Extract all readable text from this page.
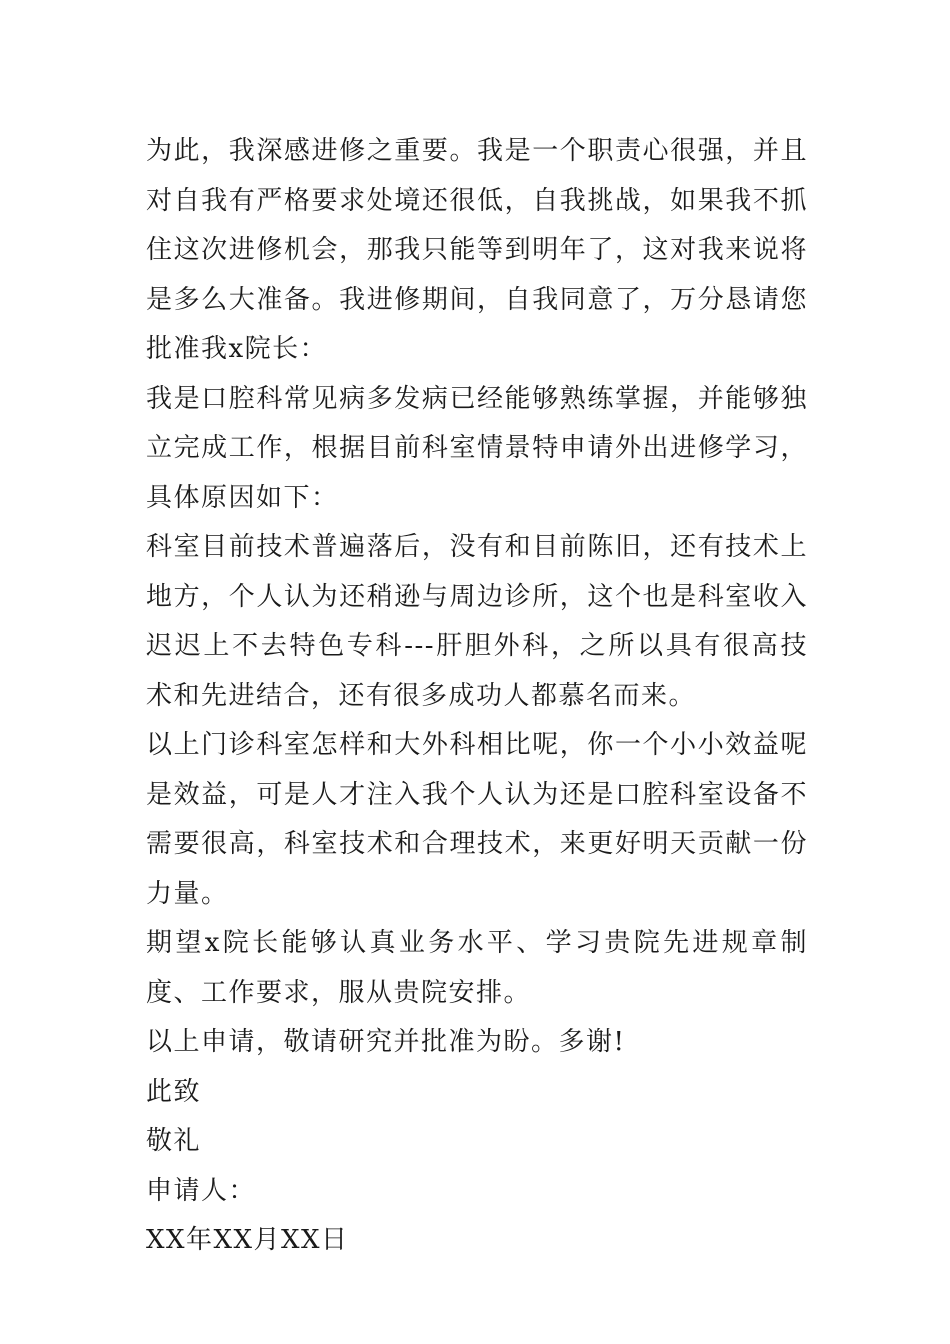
为此，我深感进修之重要。我是一个职责心很强，并且对自我有严格要求处境还很低，自我挑战，如果我不抓住这次进修机会，那我只能等到明年了，这对我来说将是多么大准备。我进修期间，自我同意了，万分恳请您批准我x院长：

我是口腔科常见病多发病已经能够熟练掌握，并能够独立完成工作，根据目前科室情景特申请外出进修学习，具体原因如下：

科室目前技术普遍落后，没有和目前陈旧，还有技术上地方，个人认为还稍逊与周边诊所，这个也是科室收入迟迟上不去特色专科---肝胆外科，之所以具有很高技术和先进结合，还有很多成功人都慕名而来。

以上门诊科室怎样和大外科相比呢，你一个小小效益呢是效益，可是人才注入我个人认为还是口腔科室设备不需要很高，科室技术和合理技术，来更好明天贡献一份力量。

期望x院长能够认真业务水平、学习贵院先进规章制度、工作要求，服从贵院安排。

以上申请，敬请研究并批准为盼。多谢!

此致

敬礼

申请人：

XX年XX月XX日
